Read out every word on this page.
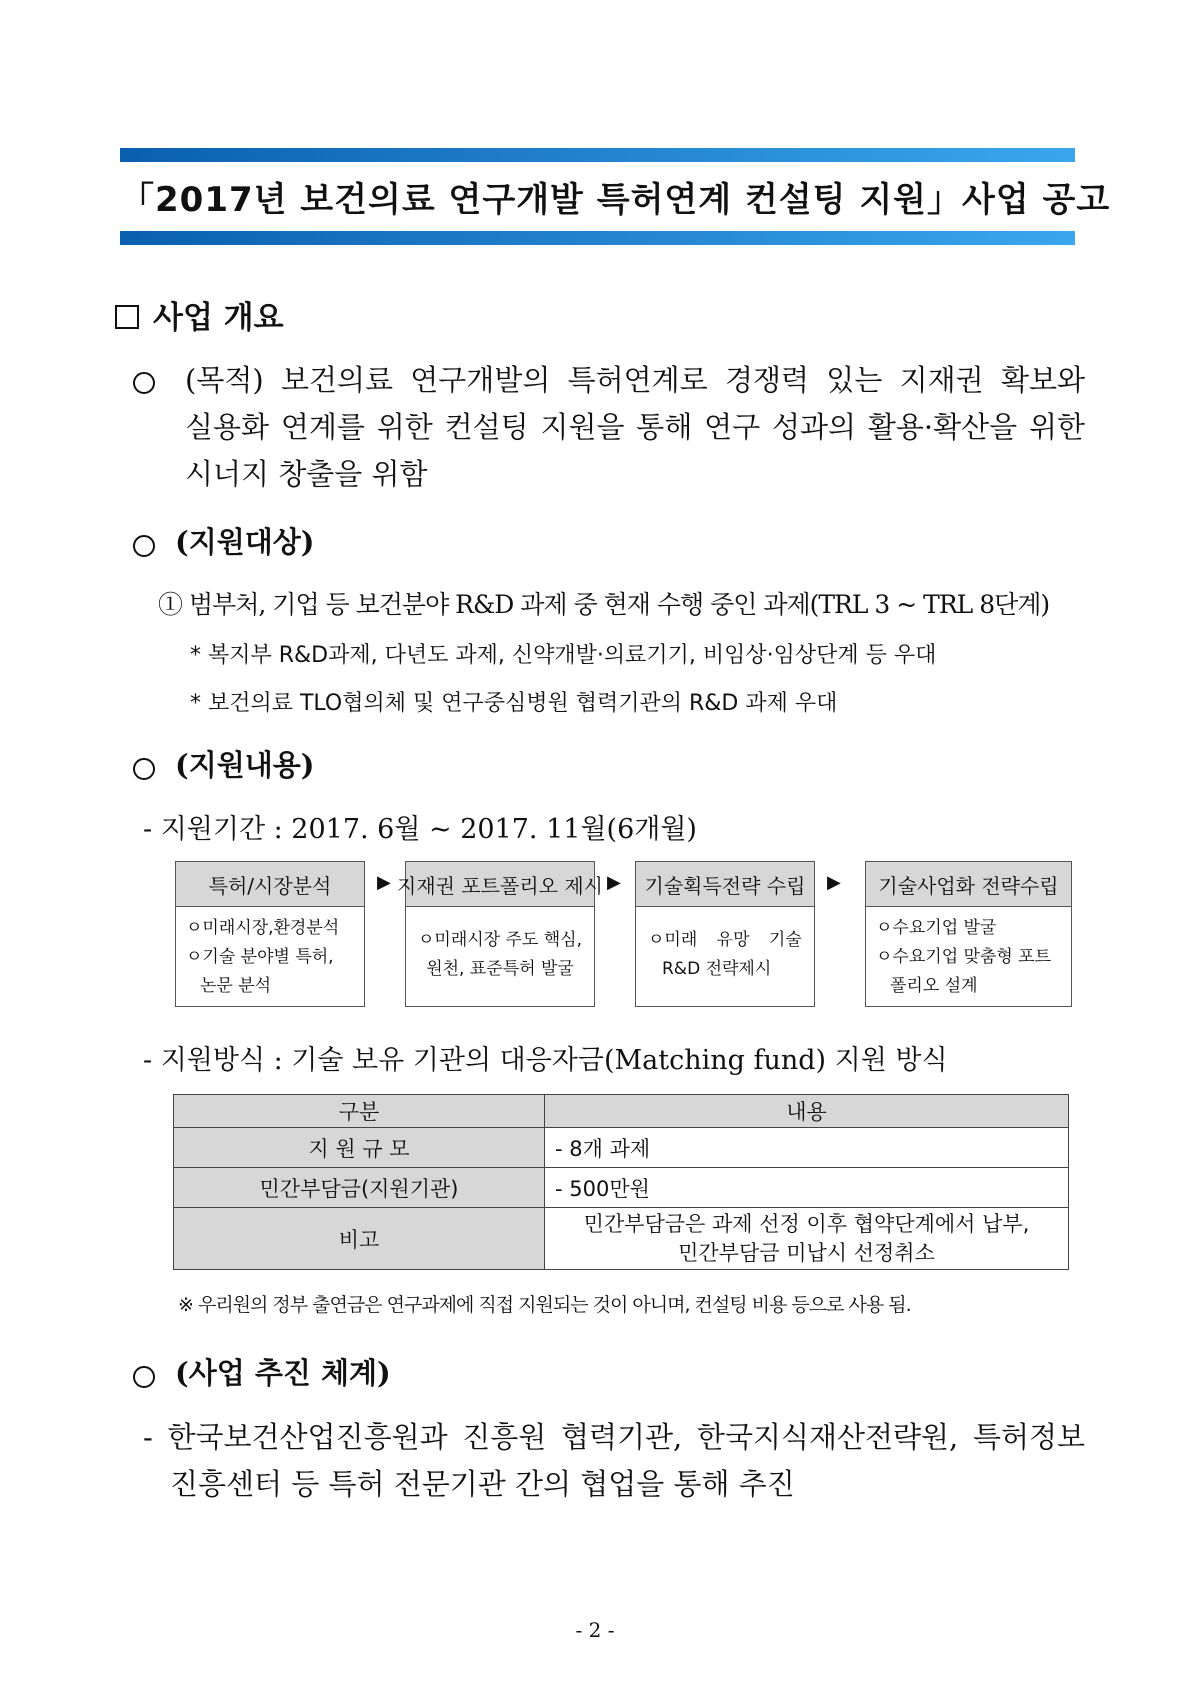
「2017년 보건의료 연구개발 특허연계 컨설팅 지원」사업 공고
사업 개요
(목적) 보건의료 연구개발의 특허연계로 경쟁력 있는 지재권 확보와
실용화 연계를 위한 컨설팅 지원을 통해 연구 성과의 활용·확산을 위한
시너지 창출을 위함
(지원대상)
① 범부처, 기업 등 보건분야 R&D 과제 중 현재 수행 중인 과제(TRL 3 ~ TRL 8단계)
* 복지부 R&D과제, 다년도 과제, 신약개발·의료기기, 비임상·임상단계 등 우대
* 보건의료 TLO협의체 및 연구중심병원 협력기관의 R&D 과제 우대
(지원내용)
- 지원기간 : 2017. 6월 ~ 2017. 11월(6개월)
특허/시장분석
ㅇ미래시장,환경분석
ㅇ기술 분야별 특허,
논문 분석
▶ 지재권 포트폴리오 제시
ㅇ미래시장 주도 핵심,
원천, 표준특허 발굴
▶	기술획득전략 수립
ㅇ미래 유망 기술
R&D 전략제시
▶	기술사업화 전략수립
ㅇ수요기업 발굴
ㅇ수요기업 맞춤형 포트
폴리오 설계
- 지원방식 : 기술 보유 기관의 대응자금(Matching fund) 지원 방식
구분	내용
지 원 규 모	- 8개 과제
민간부담금(지원기관)	- 500만원
비고	민간부담금은 과제 선정 이후 협약단계에서 납부,
민간부담금 미납시 선정취소
※ 우리원의 정부 출연금은 연구과제에 직접 지원되는 것이 아니며, 컨설팅 비용 등으로 사용 됨.
(사업 추진 체계)
- 한국보건산업진흥원과 진흥원 협력기관, 한국지식재산전략원, 특허정보
진흥센터 등 특허 전문기관 간의 협업을 통해 추진
- 2 -
